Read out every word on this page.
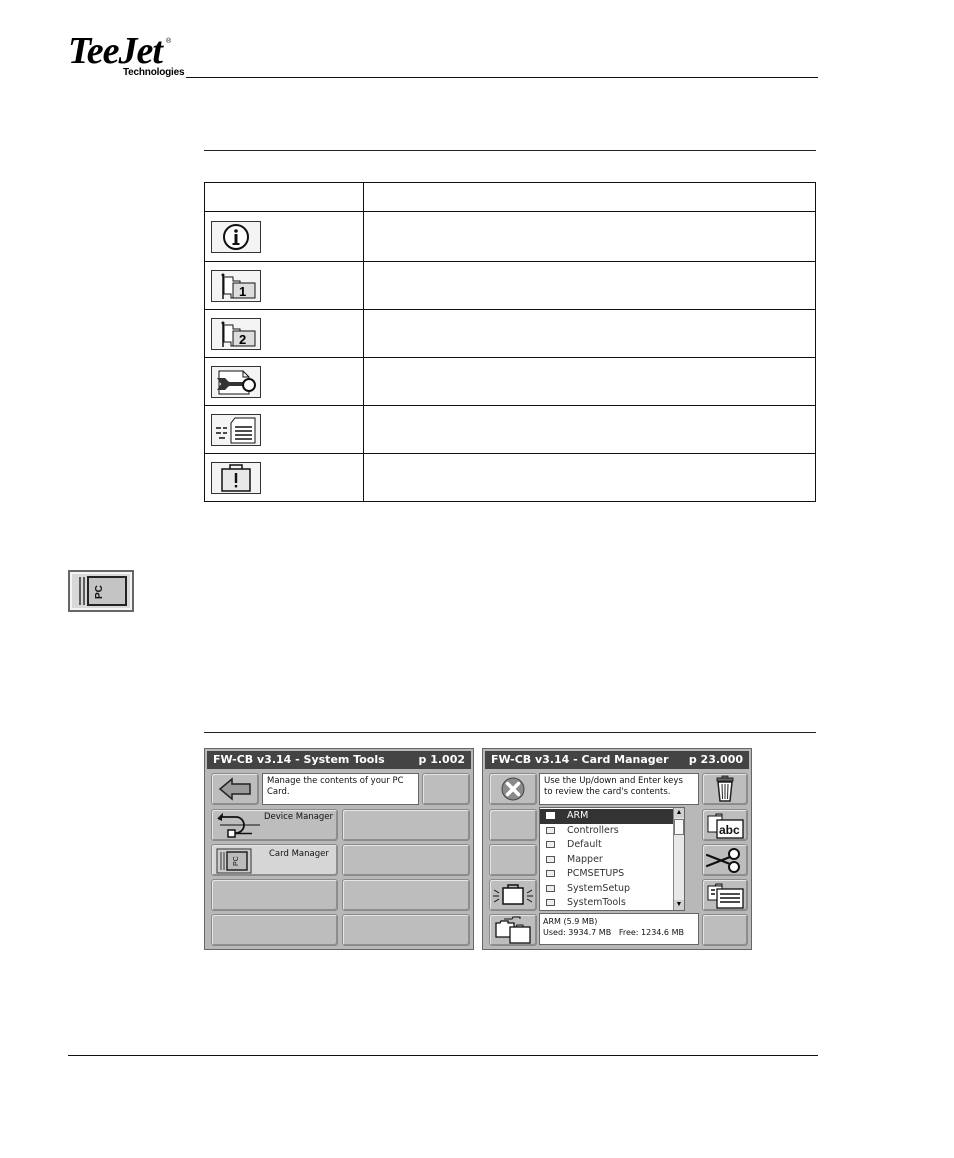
TeeJet ®
Technologies

1	

2	

PC
FW-CB v3.14 - System Tools	p 1.002
Manage the contents of your PC Card.
Device Manager
PC
Card Manager
FW-CB v3.14 - Card Manager p 23.000
Use the Up/down and Enter keys to review the card's contents.
ARM
Controllers
Default
Mapper
PCMSETUPS
SystemSetup
SystemTools
▲
▼
ARM (5.9 MB)
Used: 3934.7 MB   Free: 1234.6 MB
abc
